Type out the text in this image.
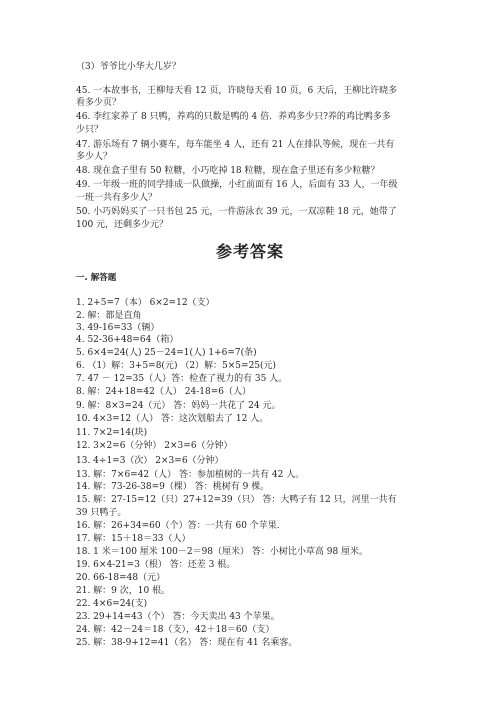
（3）爷爷比小华大几岁？
45. 一本故事书，王柳每天看 12 页，许晓每天看 10 页，6 天后，王柳比许晓多
看多少页？
46. 李红家养了 8 只鸭，养鸡的只数是鸭的 4 倍．养鸡多少只?养的鸡比鸭多多
少只？
47. 游乐场有 7 辆小赛车，每车能坐 4 人，还有 21 人在排队等候，现在一共有
多少人？
48. 现在盒子里有 50 粒糖，小巧吃掉 18 粒糖，现在盒子里还有多少粒糖？
49. 一年级一班的同学排成一队做操，小红前面有 16 人，后面有 33 人，一年级
一班一共有多少人？
50. 小巧妈妈买了一只书包 25 元，一件游泳衣 39 元，一双凉鞋 18 元，她带了
100 元，还剩多少元？
参考答案
一. 解答题
1. 2+5=7（本） 6×2=12（支）
2. 解：都是直角
3. 49-16=33（辆）
4. 52-36+48=64（箱）
5. 6×4=24(人) 25－24=1(人) 1+6=7(条)
6. （1）解：3+5=8(元) （2）解：5×5=25(元)
7. 47 － 12=35（人）答：检查了视力的有 35 人。
8. 解：24+18=42（人） 24-18=6（人）
9. 解：8×3=24（元） 答：妈妈一共花了 24 元。
10. 4×3=12（人） 答：这次划船去了 12 人。
11. 7×2=14(块)
12. 3×2=6（分钟） 2×3=6（分钟）
13. 4÷1=3（次） 2×3=6（分钟）
13. 解：7×6=42（人） 答：参加植树的一共有 42 人。
14. 解：73-26-38=9（棵） 答：桃树有 9 棵。
15. 解：27-15=12（只）27+12=39（只） 答：大鸭子有 12 只，河里一共有
39 只鸭子。
16. 解：26+34=60（个）答：一共有 60 个苹果.
17. 解：15＋18＝33（人）
18. 1 米＝100 厘米 100－2＝98（厘米） 答：小树比小草高 98 厘米。
19. 6×4-21=3（根） 答：还差 3 根。
20. 66-18=48（元）
21. 解：9 次，10 根。
22. 4×6=24(支)
23. 29+14=43（个） 答：今天卖出 43 个苹果。
24. 解：42－24＝18（支），42＋18＝60（支）
25. 解：38-9+12=41（名） 答：现在有 41 名乘客。
